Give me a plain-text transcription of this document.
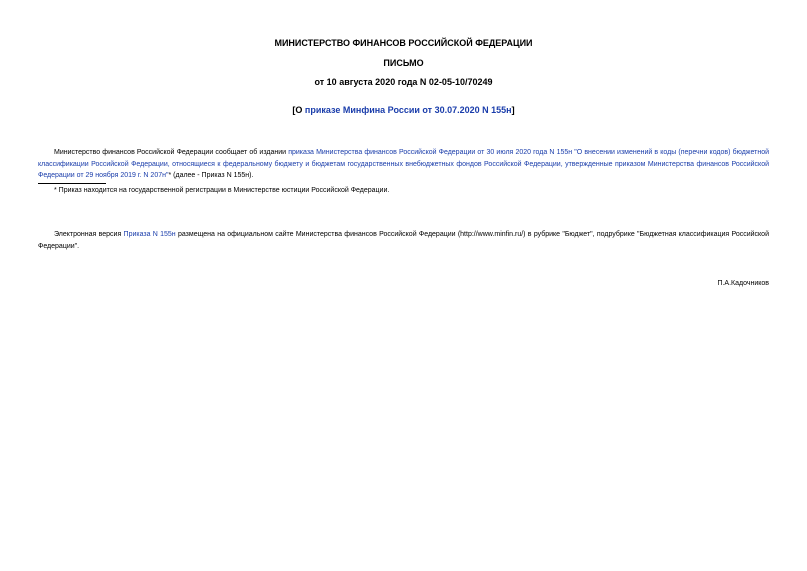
МИНИСТЕРСТВО ФИНАНСОВ РОССИЙСКОЙ ФЕДЕРАЦИИ
ПИСЬМО
от 10 августа 2020 года N 02-05-10/70249
[О приказе Минфина России от 30.07.2020 N 155н]
Министерство финансов Российской Федерации сообщает об издании приказа Министерства финансов Российской Федерации от 30 июля 2020 года N 155н "О внесении изменений в коды (перечни кодов) бюджетной классификации Российской Федерации, относящиеся к федеральному бюджету и бюджетам государственных внебюджетных фондов Российской Федерации, утвержденные приказом Министерства финансов Российской Федерации от 29 ноября 2019 г. N 207н"* (далее - Приказ N 155н).
* Приказ находится на государственной регистрации в Министерстве юстиции Российской Федерации.
Электронная версия Приказа N 155н размещена на официальном сайте Министерства финансов Российской Федерации (http://www.minfin.ru/) в рубрике "Бюджет", подрубрике "Бюджетная классификация Российской Федерации".
П.А.Кадочников
